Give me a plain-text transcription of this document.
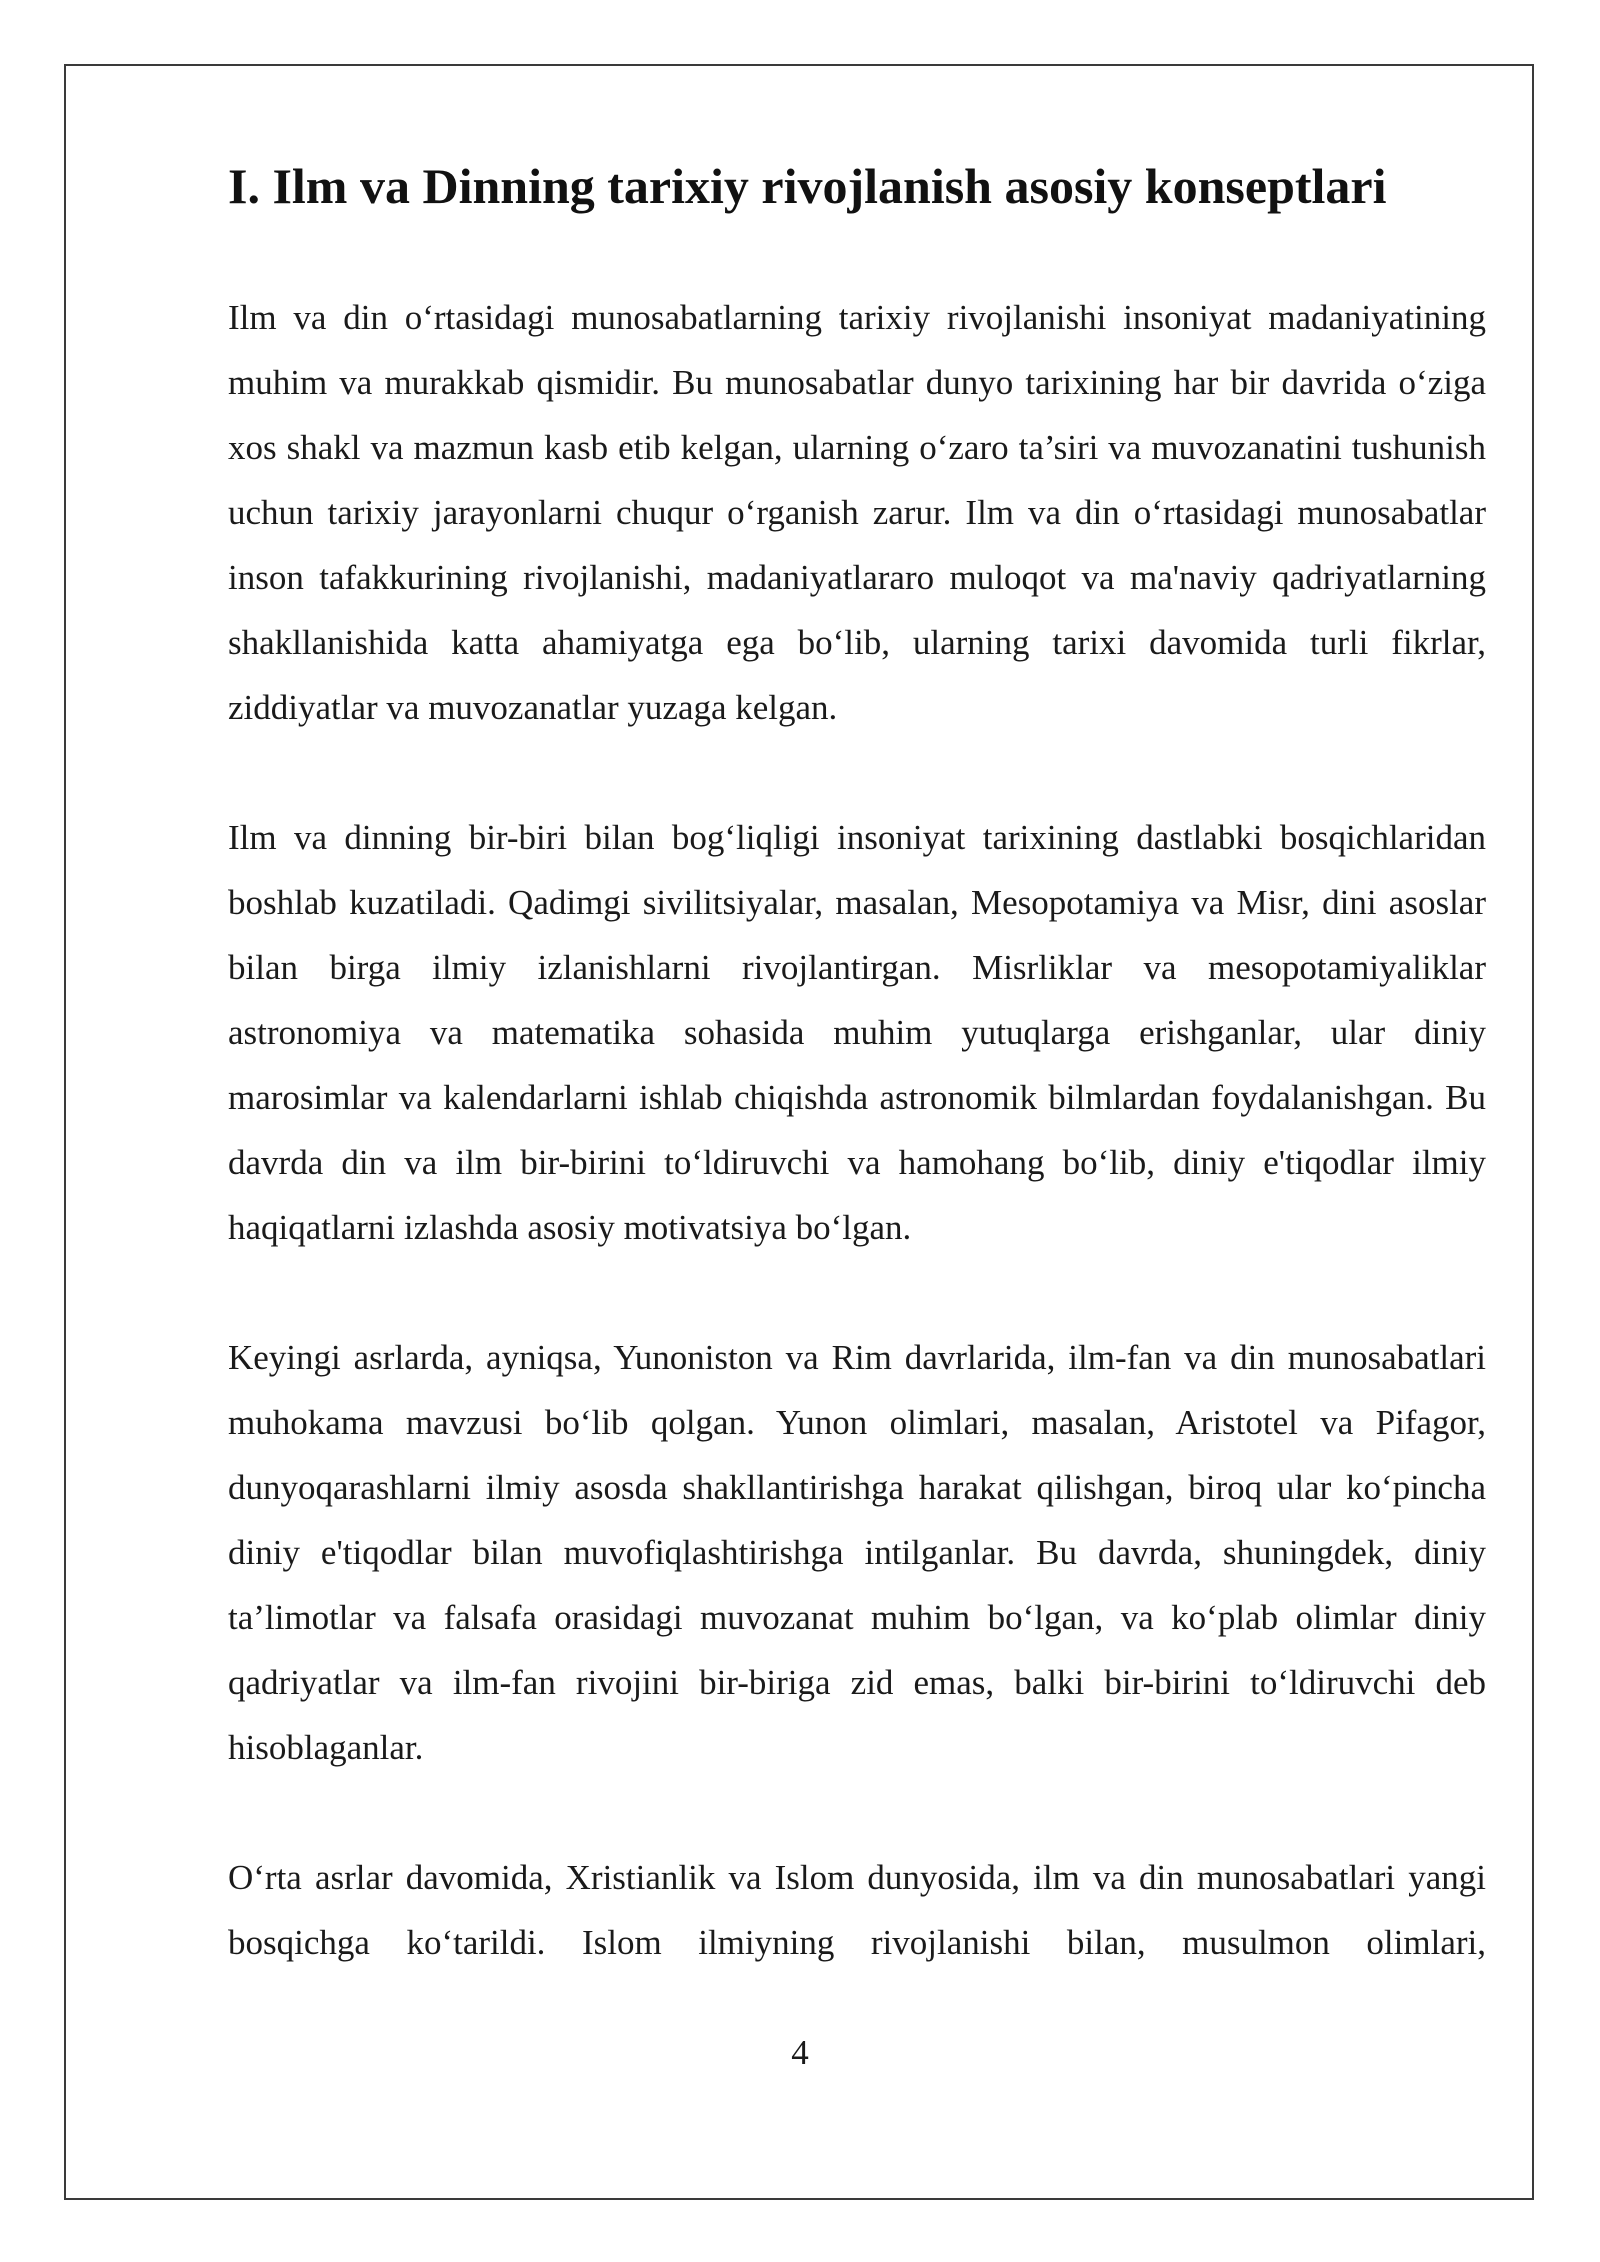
I. Ilm va Dinning tarixiy rivojlanish asosiy konseptlari

Ilm va din o‘rtasidagi munosabatlarning tarixiy rivojlanishi insoniyat madaniyatining muhim va murakkab qismidir. Bu munosabatlar dunyo tarixining har bir davrida o‘ziga xos shakl va mazmun kasb etib kelgan, ularning o‘zaro ta’siri va muvozanatini tushunish uchun tarixiy jarayonlarni chuqur o‘rganish zarur. Ilm va din o‘rtasidagi munosabatlar inson tafakkurining rivojlanishi, madaniyatlararo muloqot va ma'naviy qadriyatlarning shakllanishida katta ahamiyatga ega bo‘lib, ularning tarixi davomida turli fikrlar, ziddiyatlar va muvozanatlar yuzaga kelgan.

Ilm va dinning bir-biri bilan bog‘liqligi insoniyat tarixining dastlabki bosqichlaridan boshlab kuzatiladi. Qadimgi sivilitsiyalar, masalan, Mesopotamiya va Misr, dini asoslar bilan birga ilmiy izlanishlarni rivojlantirgan. Misrliklar va mesopotamiyaliklar astronomiya va matematika sohasida muhim yutuqlarga erishganlar, ular diniy marosimlar va kalendarlarni ishlab chiqishda astronomik bilmlardan foydalanishgan. Bu davrda din va ilm bir-birini to‘ldiruvchi va hamohang bo‘lib, diniy e'tiqodlar ilmiy haqiqatlarni izlashda asosiy motivatsiya bo‘lgan.

Keyingi asrlarda, ayniqsa, Yunoniston va Rim davrlarida, ilm-fan va din munosabatlari muhokama mavzusi bo‘lib qolgan. Yunon olimlari, masalan, Aristotel va Pifagor, dunyoqarashlarni ilmiy asosda shakllantirishga harakat qilishgan, biroq ular ko‘pincha diniy e'tiqodlar bilan muvofiqlashtirishga intilganlar. Bu davrda, shuningdek, diniy ta’limotlar va falsafa orasidagi muvozanat muhim bo‘lgan, va ko‘plab olimlar diniy qadriyatlar va ilm-fan rivojini bir-biriga zid emas, balki bir-birini to‘ldiruvchi deb hisoblaganlar.

O‘rta asrlar davomida, Xristianlik va Islom dunyosida, ilm va din munosabatlari yangi bosqichga ko‘tarildi. Islom ilmiyning rivojlanishi bilan, musulmon olimlari,

4
